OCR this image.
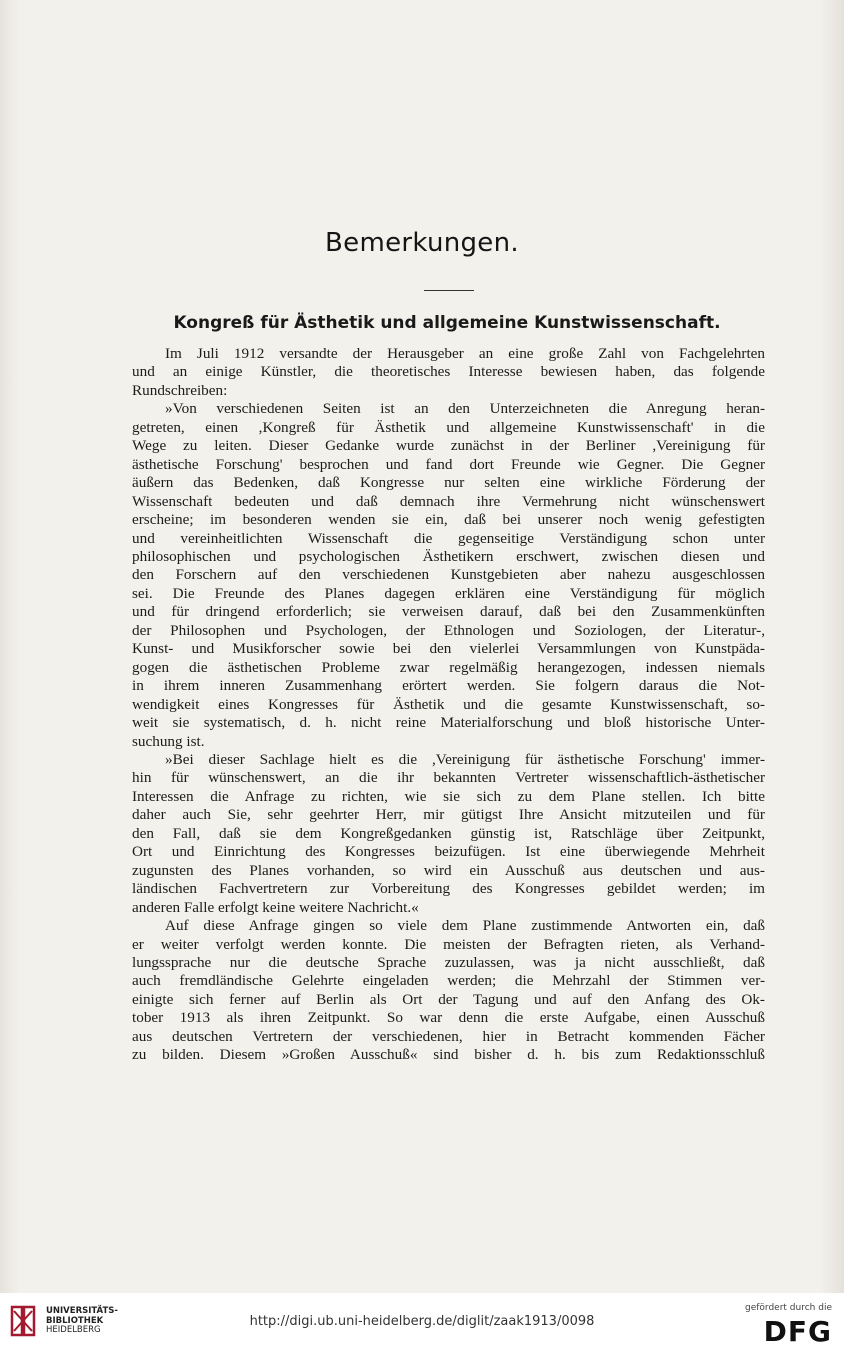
Bemerkungen.
Kongreß für Ästhetik und allgemeine Kunstwissenschaft.
Im Juli 1912 versandte der Herausgeber an eine große Zahl von Fachgelehrten
und an einige Künstler, die theoretisches Interesse bewiesen haben, das folgende
Rundschreiben:
»Von verschiedenen Seiten ist an den Unterzeichneten die Anregung heran-
getreten, einen ,Kongreß für Ästhetik und allgemeine Kunstwissenschaft' in die
Wege zu leiten. Dieser Gedanke wurde zunächst in der Berliner ,Vereinigung für
ästhetische Forschung' besprochen und fand dort Freunde wie Gegner. Die Gegner
äußern das Bedenken, daß Kongresse nur selten eine wirkliche Förderung der
Wissenschaft bedeuten und daß demnach ihre Vermehrung nicht wünschenswert
erscheine; im besonderen wenden sie ein, daß bei unserer noch wenig gefestigten
und vereinheitlichten Wissenschaft die gegenseitige Verständigung schon unter
philosophischen und psychologischen Ästhetikern erschwert, zwischen diesen und
den Forschern auf den verschiedenen Kunstgebieten aber nahezu ausgeschlossen
sei. Die Freunde des Planes dagegen erklären eine Verständigung für möglich
und für dringend erforderlich; sie verweisen darauf, daß bei den Zusammenkünften
der Philosophen und Psychologen, der Ethnologen und Soziologen, der Literatur-,
Kunst- und Musikforscher sowie bei den vielerlei Versammlungen von Kunstpäda-
gogen die ästhetischen Probleme zwar regelmäßig herangezogen, indessen niemals
in ihrem inneren Zusammenhang erörtert werden. Sie folgern daraus die Not-
wendigkeit eines Kongresses für Ästhetik und die gesamte Kunstwissenschaft, so-
weit sie systematisch, d. h. nicht reine Materialforschung und bloß historische Unter-
suchung ist.
»Bei dieser Sachlage hielt es die ,Vereinigung für ästhetische Forschung' immer-
hin für wünschenswert, an die ihr bekannten Vertreter wissenschaftlich-ästhetischer
Interessen die Anfrage zu richten, wie sie sich zu dem Plane stellen. Ich bitte
daher auch Sie, sehr geehrter Herr, mir gütigst Ihre Ansicht mitzuteilen und für
den Fall, daß sie dem Kongreßgedanken günstig ist, Ratschläge über Zeitpunkt,
Ort und Einrichtung des Kongresses beizufügen. Ist eine überwiegende Mehrheit
zugunsten des Planes vorhanden, so wird ein Ausschuß aus deutschen und aus-
ländischen Fachvertretern zur Vorbereitung des Kongresses gebildet werden; im
anderen Falle erfolgt keine weitere Nachricht.«
Auf diese Anfrage gingen so viele dem Plane zustimmende Antworten ein, daß
er weiter verfolgt werden konnte. Die meisten der Befragten rieten, als Verhand-
lungssprache nur die deutsche Sprache zuzulassen, was ja nicht ausschließt, daß
auch fremdländische Gelehrte eingeladen werden; die Mehrzahl der Stimmen ver-
einigte sich ferner auf Berlin als Ort der Tagung und auf den Anfang des Ok-
tober 1913 als ihren Zeitpunkt. So war denn die erste Aufgabe, einen Ausschuß
aus deutschen Vertretern der verschiedenen, hier in Betracht kommenden Fächer
zu bilden. Diesem »Großen Ausschuß« sind bisher d. h. bis zum Redaktionsschluß
UNIVERSITÄTS-
BIBLIOTHEK
HEIDELBERG
http://digi.ub.uni-heidelberg.de/diglit/zaak1913/0098
gefördert durch die
DFG
